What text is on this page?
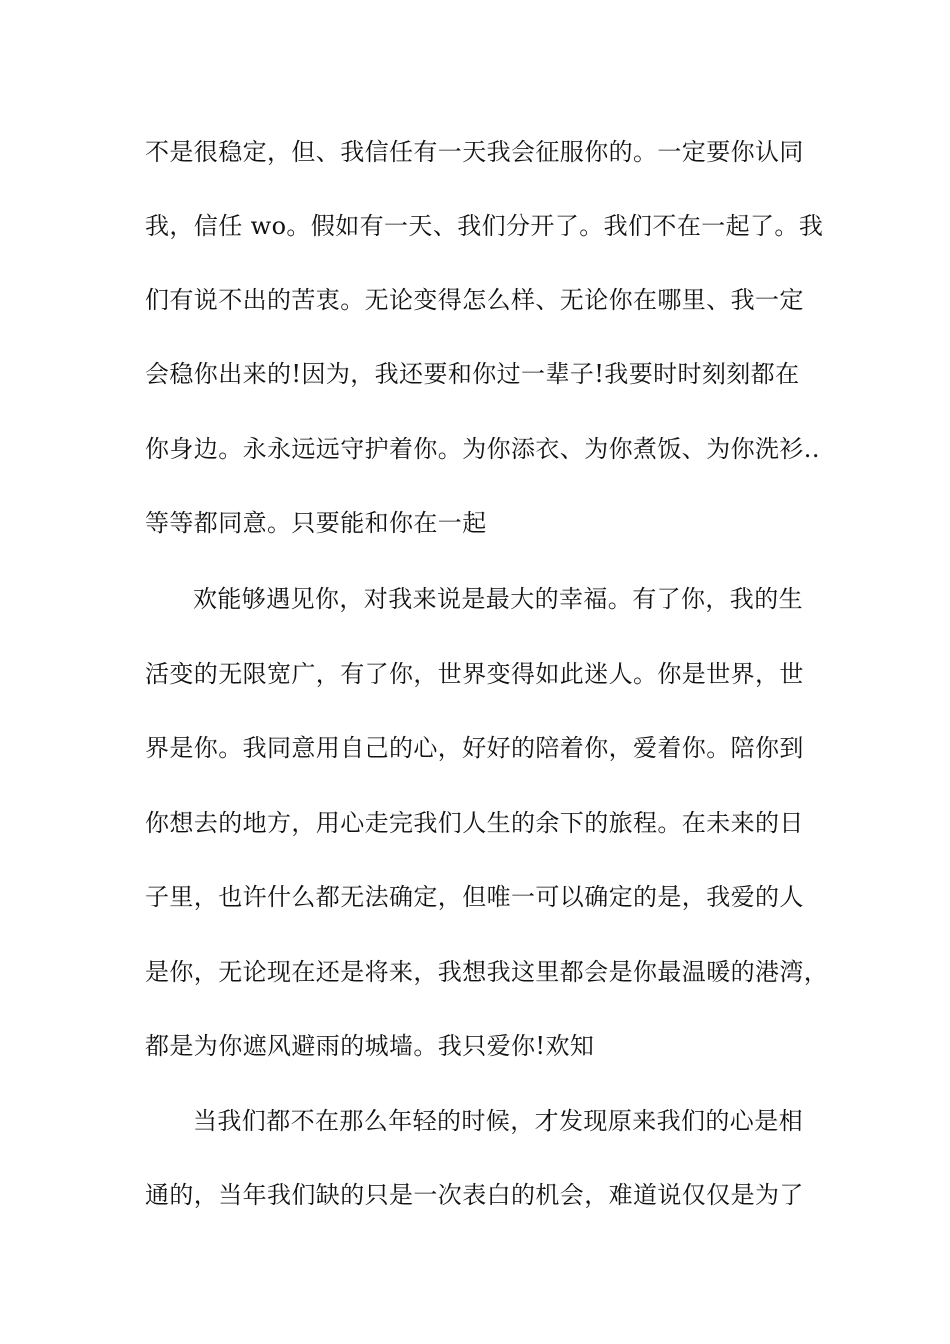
不是很稳定，但、我信任有一天我会征服你的。一定要你认同
我，信任 wo。假如有一天、我们分开了。我们不在一起了。我
们有说不出的苦衷。无论变得怎么样、无论你在哪里、我一定
会稳你出来的!因为，我还要和你过一辈子!我要时时刻刻都在
你身边。永永远远守护着你。为你添衣、为你煮饭、为你洗衫..
等等都同意。只要能和你在一起
欢能够遇见你，对我来说是最大的幸福。有了你，我的生
活变的无限宽广，有了你，世界变得如此迷人。你是世界，世
界是你。我同意用自己的心，好好的陪着你，爱着你。陪你到
你想去的地方，用心走完我们人生的余下的旅程。在未来的日
子里，也许什么都无法确定，但唯一可以确定的是，我爱的人
是你，无论现在还是将来，我想我这里都会是你最温暖的港湾，
都是为你遮风避雨的城墙。我只爱你!欢知
当我们都不在那么年轻的时候，才发现原来我们的心是相
通的，当年我们缺的只是一次表白的机会，难道说仅仅是为了
